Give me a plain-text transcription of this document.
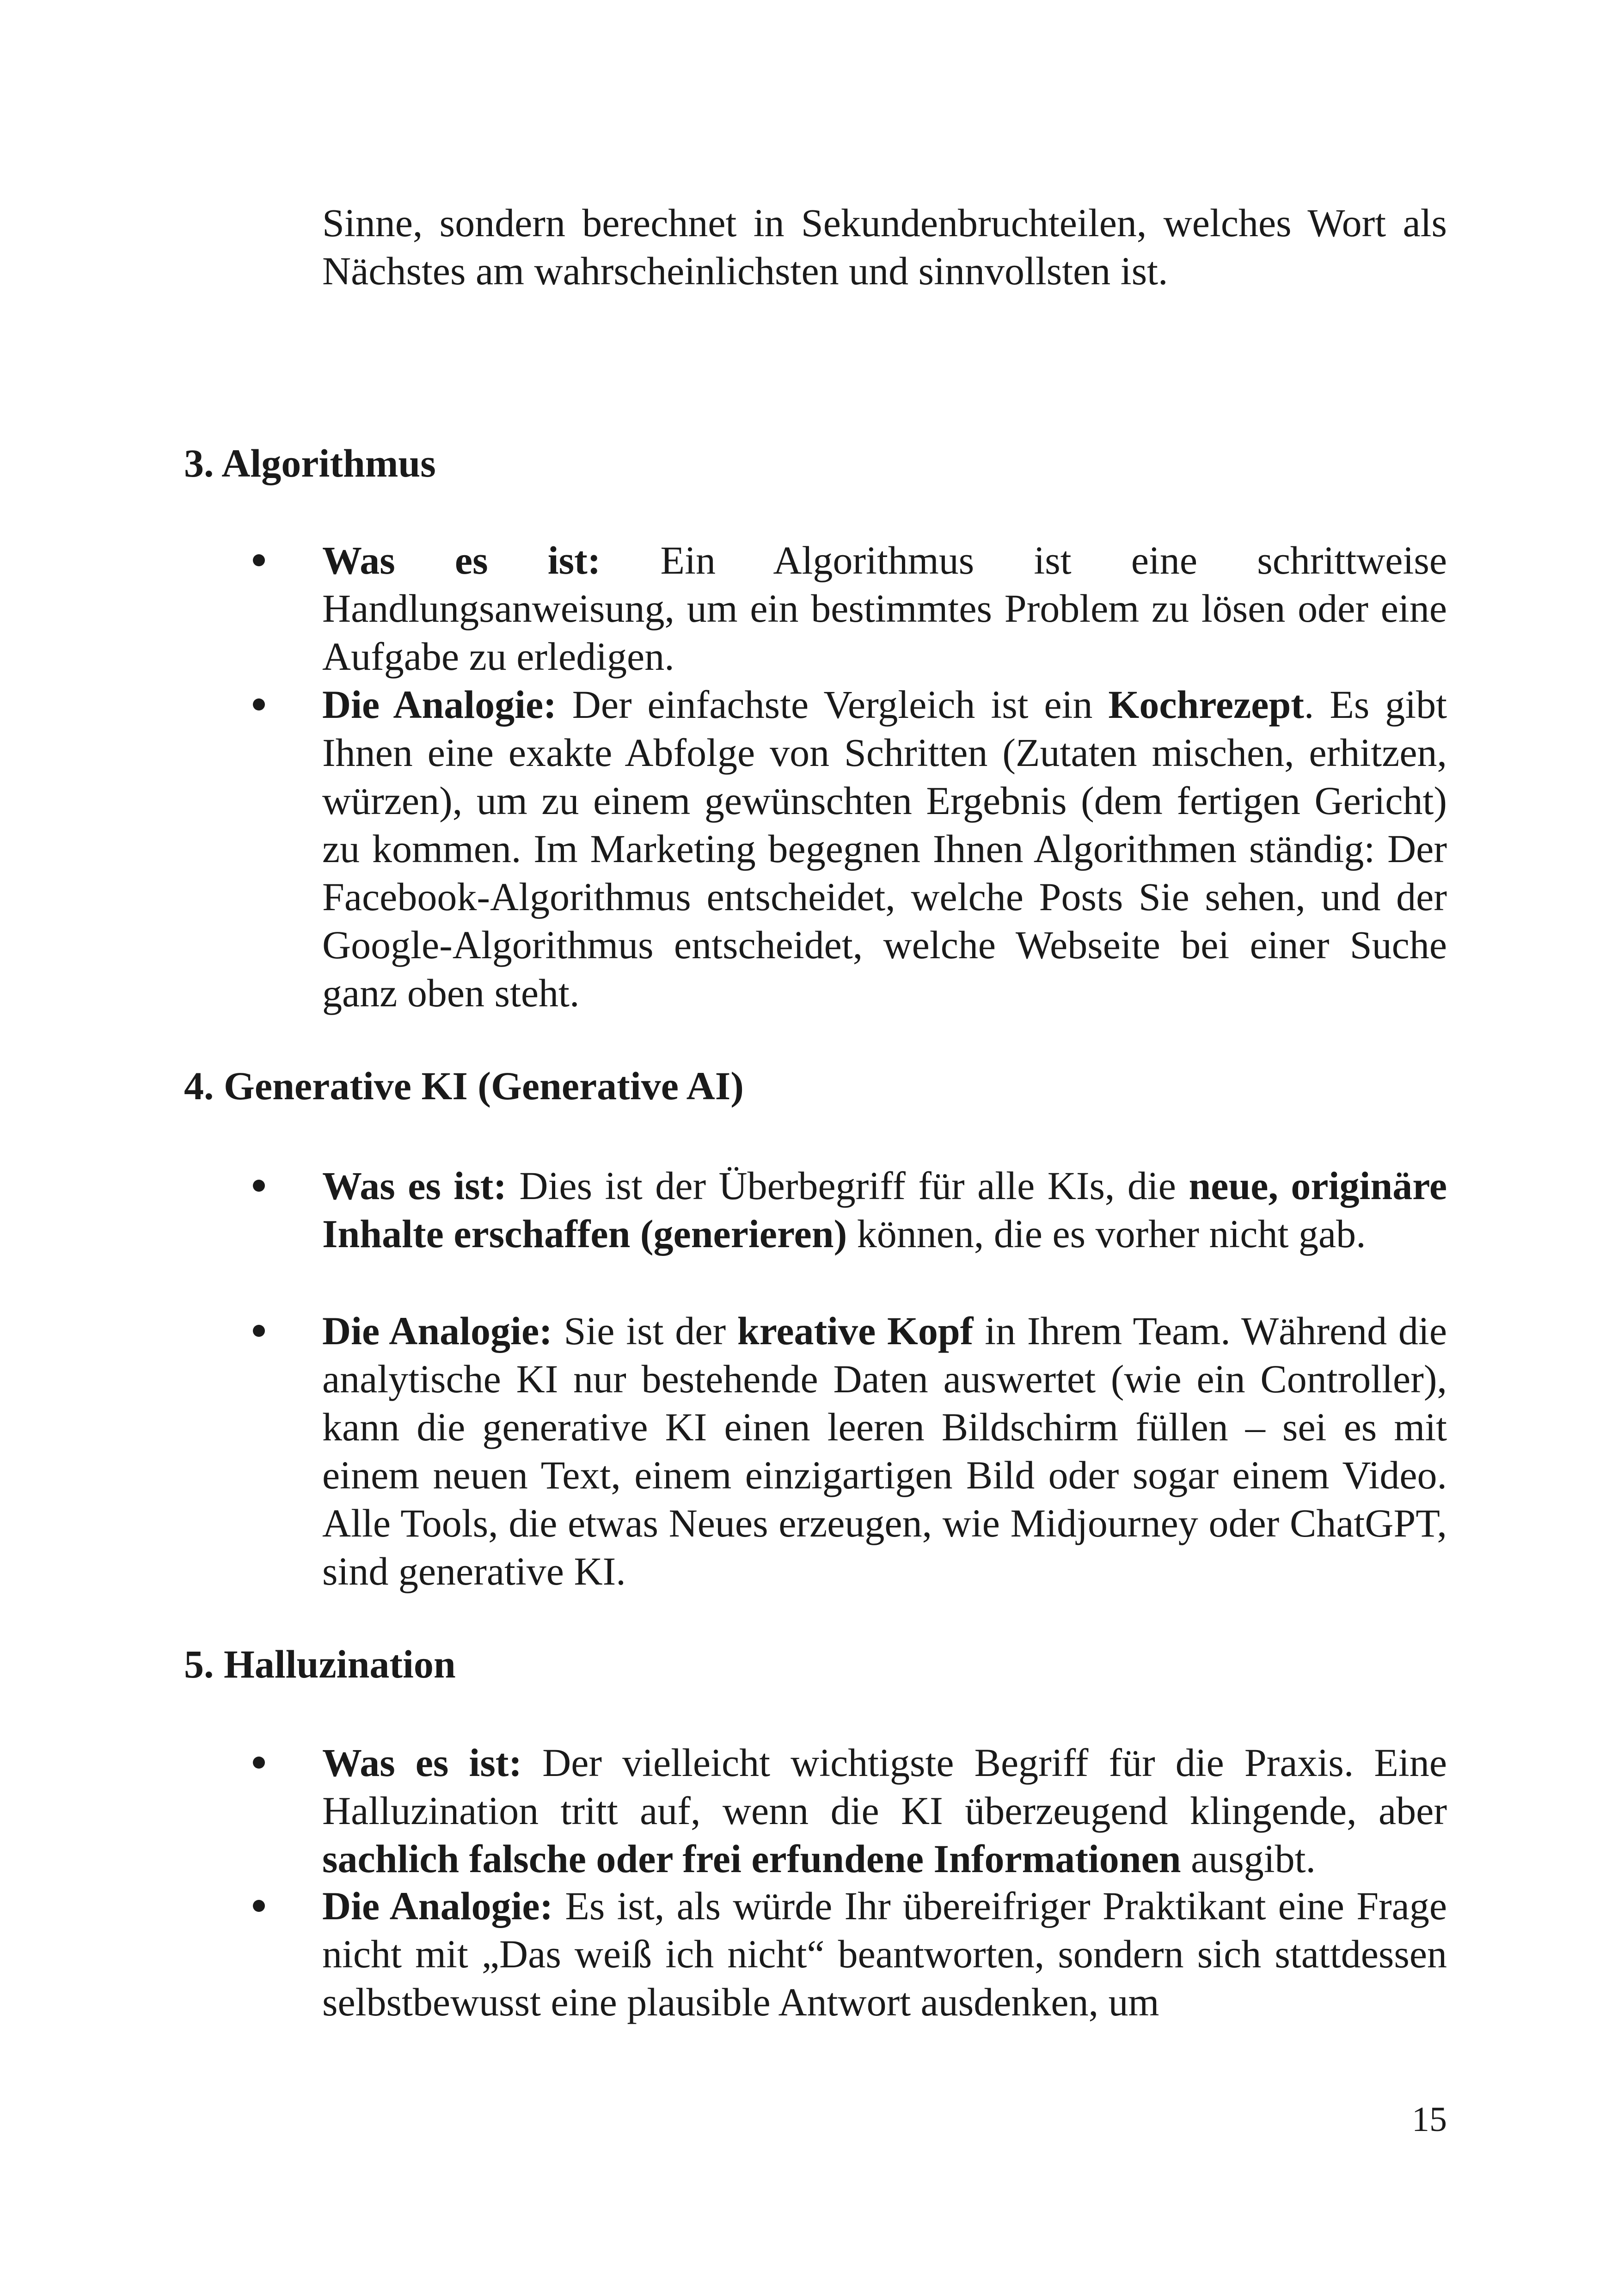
Sinne, sondern berechnet in Sekundenbruchteilen, welches Wort als Nächstes am wahrscheinlichsten und sinnvollsten ist.

3. Algorithmus
Was es ist: Ein Algorithmus ist eine schrittweise Handlungsanweisung, um ein bestimmtes Problem zu lösen oder eine Aufgabe zu erledigen.
Die Analogie: Der einfachste Vergleich ist ein Kochrezept. Es gibt Ihnen eine exakte Abfolge von Schritten (Zutaten mischen, erhitzen, würzen), um zu einem gewünschten Ergebnis (dem fertigen Gericht) zu kommen. Im Marketing begegnen Ihnen Algorithmen ständig: Der Facebook-Algorithmus entscheidet, welche Posts Sie sehen, und der Google-Algorithmus entscheidet, welche Webseite bei einer Suche ganz oben steht.
4. Generative KI (Generative AI)
Was es ist: Dies ist der Überbegriff für alle KIs, die neue, originäre Inhalte erschaffen (generieren) können, die es vorher nicht gab.
Die Analogie: Sie ist der kreative Kopf in Ihrem Team. Während die analytische KI nur bestehende Daten auswertet (wie ein Controller), kann die generative KI einen leeren Bildschirm füllen – sei es mit einem neuen Text, einem einzigartigen Bild oder sogar einem Video. Alle Tools, die etwas Neues erzeugen, wie Midjourney oder ChatGPT, sind generative KI.
5. Halluzination
Was es ist: Der vielleicht wichtigste Begriff für die Praxis. Eine Halluzination tritt auf, wenn die KI überzeugend klingende, aber sachlich falsche oder frei erfundene Informationen ausgibt.
Die Analogie: Es ist, als würde Ihr übereifriger Praktikant eine Frage nicht mit „Das weiß ich nicht“ beantworten, sondern sich stattdessen selbstbewusst eine plausible Antwort ausdenken, um
15
